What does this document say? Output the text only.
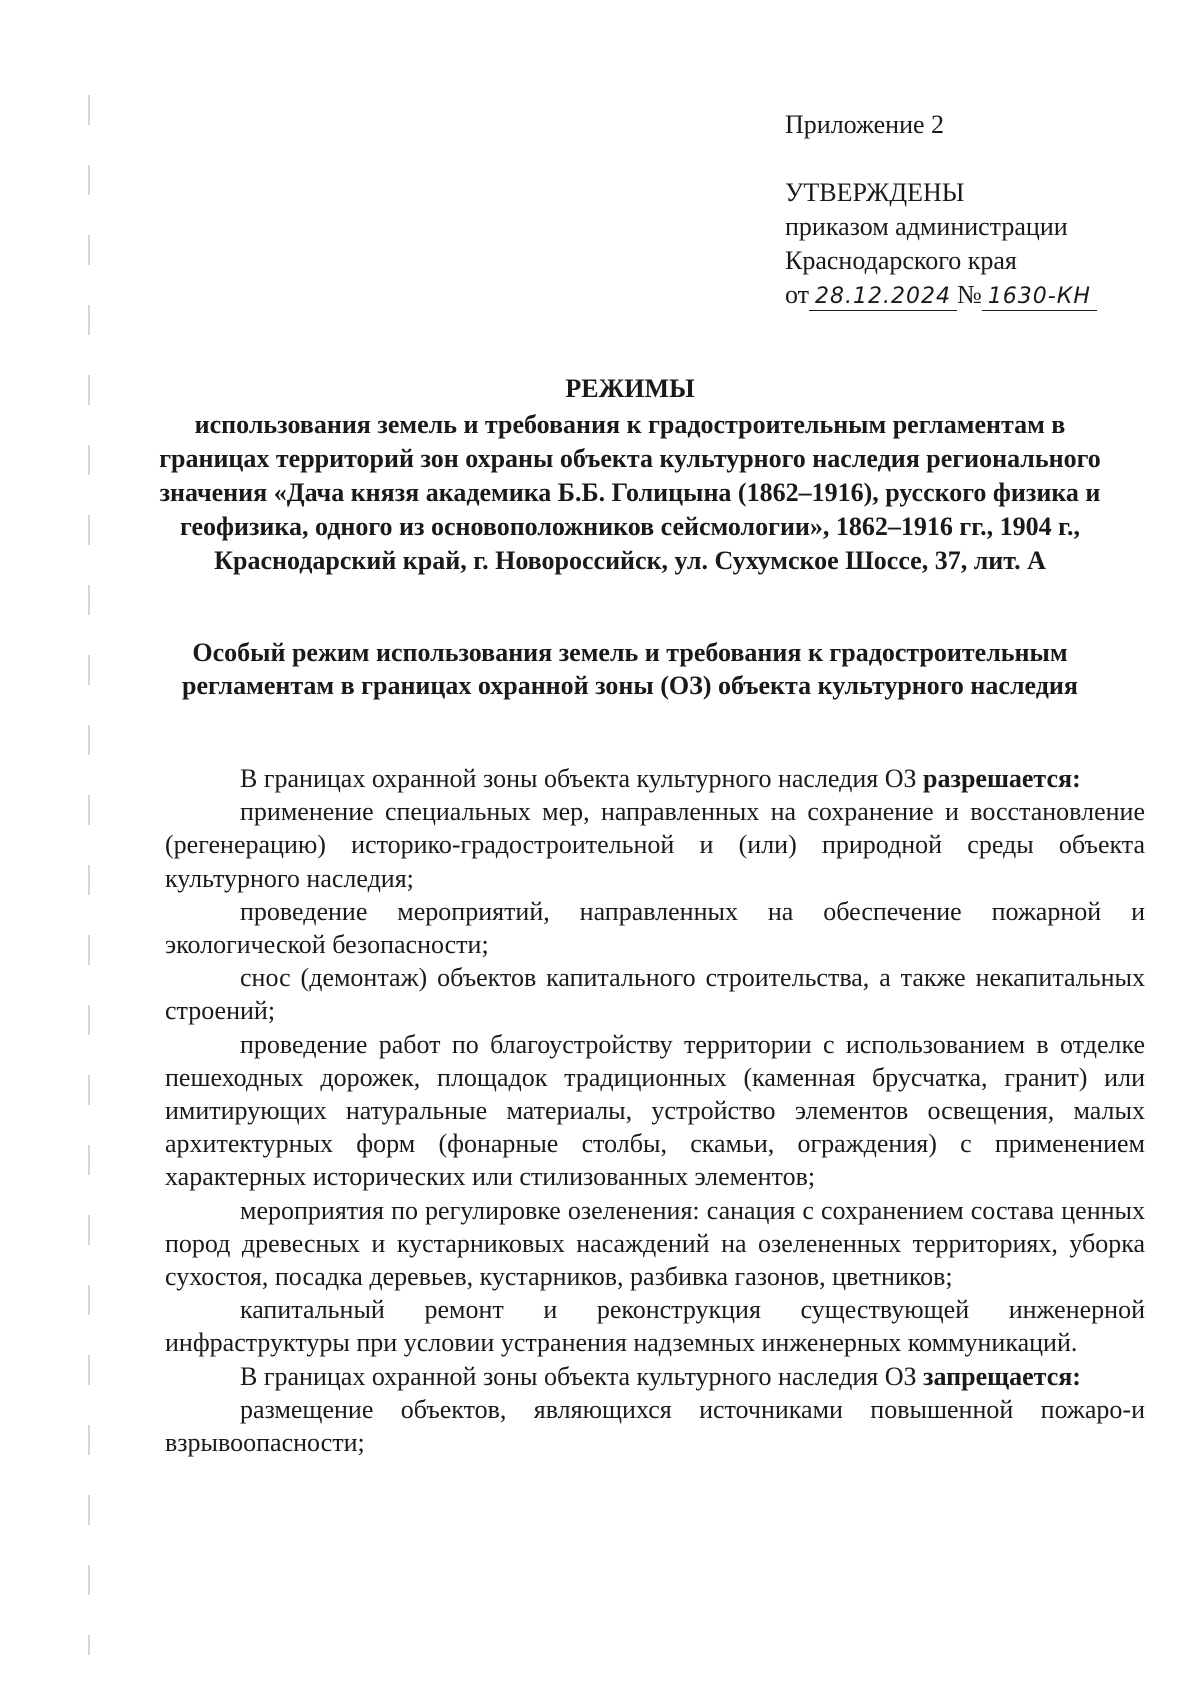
Приложение 2
УТВЕРЖДЕНЫ
приказом администрации
Краснодарского края
от 28.12.2024 № 1630-КН
РЕЖИМЫ
использования земель и требования к градостроительным регламентам в границах территорий зон охраны объекта культурного наследия регионального значения «Дача князя академика Б.Б. Голицына (1862–1916), русского физика и геофизика, одного из основоположников сейсмологии», 1862–1916 гг., 1904 г., Краснодарский край, г. Новороссийск, ул. Сухумское Шоссе, 37, лит. А
Особый режим использования земель и требования к градостроительным регламентам в границах охранной зоны (ОЗ) объекта культурного наследия

В границах охранной зоны объекта культурного наследия ОЗ разрешается:

применение специальных мер, направленных на сохранение и восстановление (регенерацию) историко-градостроительной и (или) природной среды объекта культурного наследия;

проведение мероприятий, направленных на обеспечение пожарной и экологической безопасности;

снос (демонтаж) объектов капитального строительства, а также некапитальных строений;

проведение работ по благоустройству территории с использованием в отделке пешеходных дорожек, площадок традиционных (каменная брусчатка, гранит) или имитирующих натуральные материалы, устройство элементов освещения, малых архитектурных форм (фонарные столбы, скамьи, ограждения) с применением характерных исторических или стилизованных элементов;

мероприятия по регулировке озеленения: санация с сохранением состава ценных пород древесных и кустарниковых насаждений на озелененных территориях, уборка сухостоя, посадка деревьев, кустарников, разбивка газонов, цветников;

капитальный ремонт и реконструкция существующей инженерной инфраструктуры при условии устранения надземных инженерных коммуникаций.

В границах охранной зоны объекта культурного наследия ОЗ запрещается:

размещение объектов, являющихся источниками повышенной пожаро-и взрывоопасности;
